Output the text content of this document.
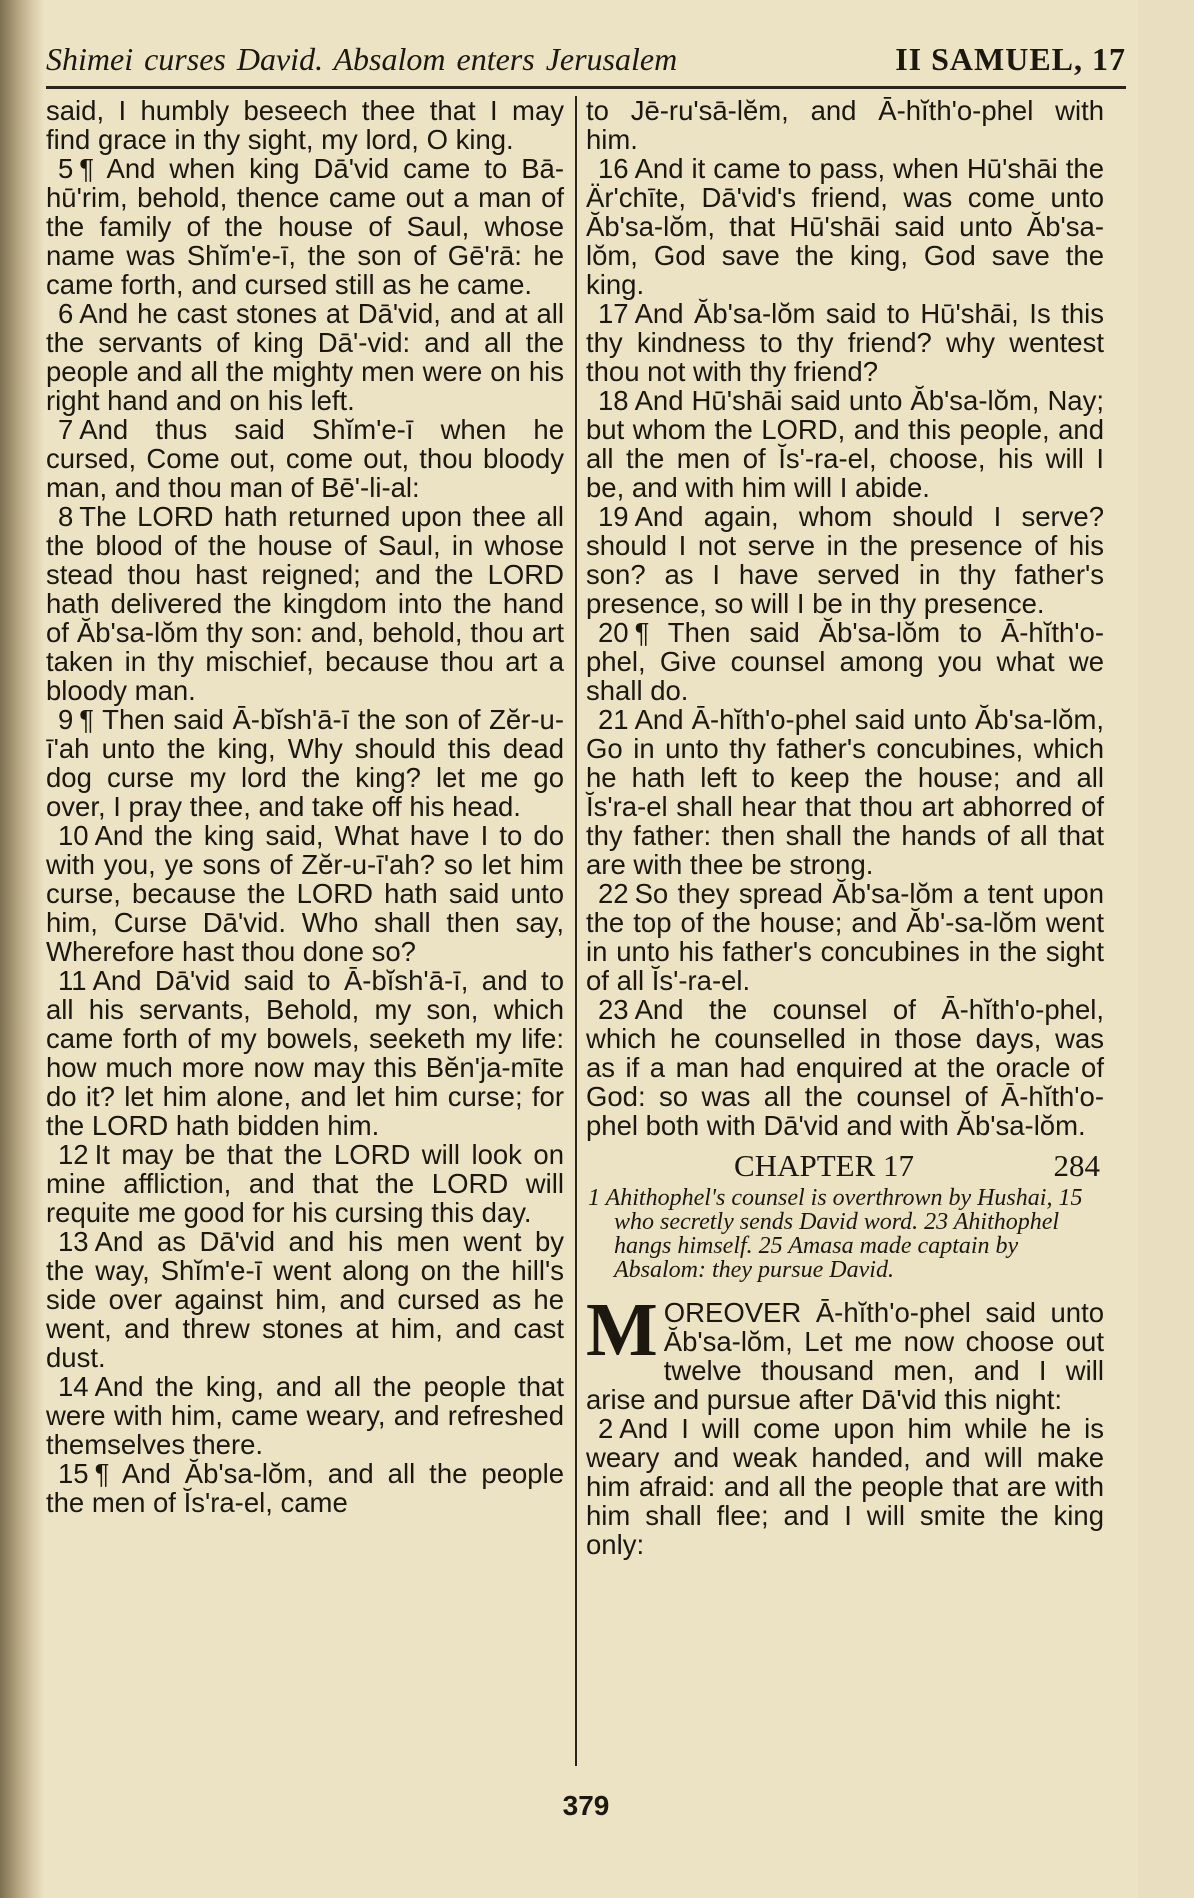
Shimei curses David. Absalom enters Jerusalem	II SAMUEL, 17

said, I humbly beseech thee that I may find grace in thy sight, my lord, O king.

5 ¶ And when king Dā'vid came to Bā-hū'rim, behold, thence came out a man of the family of the house of Saul, whose name was Shĭm'e-ī, the son of Gē'rā: he came forth, and cursed still as he came.

6 And he cast stones at Dā'vid, and at all the servants of king Dā'-vid: and all the people and all the mighty men were on his right hand and on his left.

7 And thus said Shĭm'e-ī when he cursed, Come out, come out, thou bloody man, and thou man of Bē'-li-al:

8 The LORD hath returned upon thee all the blood of the house of Saul, in whose stead thou hast reigned; and the LORD hath delivered the kingdom into the hand of Ăb'sa-lŏm thy son: and, behold, thou art taken in thy mischief, because thou art a bloody man.

9 ¶ Then said Ā-bĭsh'ā-ī the son of Zĕr-u-ī'ah unto the king, Why should this dead dog curse my lord the king? let me go over, I pray thee, and take off his head.

10 And the king said, What have I to do with you, ye sons of Zĕr-u-ī'ah? so let him curse, because the LORD hath said unto him, Curse Dā'vid. Who shall then say, Wherefore hast thou done so?

11 And Dā'vid said to Ā-bĭsh'ā-ī, and to all his servants, Behold, my son, which came forth of my bowels, seeketh my life: how much more now may this Bĕn'ja-mīte do it? let him alone, and let him curse; for the LORD hath bidden him.

12 It may be that the LORD will look on mine affliction, and that the LORD will requite me good for his cursing this day.

13 And as Dā'vid and his men went by the way, Shĭm'e-ī went along on the hill's side over against him, and cursed as he went, and threw stones at him, and cast dust.

14 And the king, and all the people that were with him, came weary, and refreshed themselves there.

15 ¶ And Ăb'sa-lŏm, and all the people the men of Ĭs'ra-el, came

to Jē-ru'sā-lĕm, and Ā-hĭth'o-phel with him.

16 And it came to pass, when Hū'shāi the Är'chīte, Dā'vid's friend, was come unto Ăb'sa-lŏm, that Hū'shāi said unto Ăb'sa-lŏm, God save the king, God save the king.

17 And Ăb'sa-lŏm said to Hū'shāi, Is this thy kindness to thy friend? why wentest thou not with thy friend?

18 And Hū'shāi said unto Ăb'sa-lŏm, Nay; but whom the LORD, and this people, and all the men of Ĭs'-ra-el, choose, his will I be, and with him will I abide.

19 And again, whom should I serve? should I not serve in the presence of his son? as I have served in thy father's presence, so will I be in thy presence.

20 ¶ Then said Ăb'sa-lŏm to Ā-hĭth'o-phel, Give counsel among you what we shall do.

21 And Ā-hĭth'o-phel said unto Ăb'sa-lŏm, Go in unto thy father's concubines, which he hath left to keep the house; and all Ĭs'ra-el shall hear that thou art abhorred of thy father: then shall the hands of all that are with thee be strong.

22 So they spread Ăb'sa-lŏm a tent upon the top of the house; and Ăb'-sa-lŏm went in unto his father's concubines in the sight of all Ĭs'-ra-el.

23 And the counsel of Ā-hĭth'o-phel, which he counselled in those days, was as if a man had enquired at the oracle of God: so was all the counsel of Ā-hĭth'o-phel both with Dā'vid and with Ăb'sa-lŏm.

CHAPTER 17	284

1 Ahithophel's counsel is overthrown by Hushai, 15 who secretly sends David word. 23 Ahithophel hangs himself. 25 Amasa made captain by Absalom: they pursue David.

MOREOVER Ā-hĭth'o-phel said unto Ăb'sa-lŏm, Let me now choose out twelve thousand men, and I will arise and pursue after Dā'vid this night:

2 And I will come upon him while he is weary and weak handed, and will make him afraid: and all the people that are with him shall flee; and I will smite the king only:

379
